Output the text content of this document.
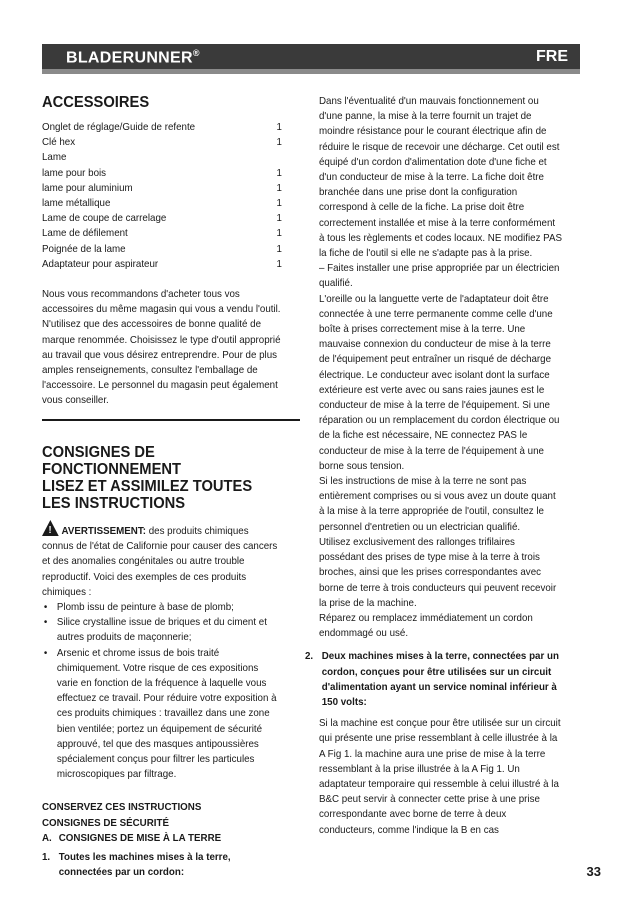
BLADERUNNER®	FRE
ACCESSOIRES
Onglet de réglage/Guide de refente	1
Clé hex	1
Lame
lame pour bois	1
lame pour aluminium	1
lame métallique	1
Lame de coupe de carrelage	1
Lame de défilement	1
Poignée de la lame	1
Adaptateur pour aspirateur	1

Nous vous recommandons d'acheter tous vos accessoires du même magasin qui vous a vendu l'outil. N'utilisez que des accessoires de bonne qualité de marque renommée. Choisissez le type d'outil approprié au travail que vous désirez entreprendre. Pour de plus amples renseignements, consultez l'emballage de l'accessoire. Le personnel du magasin peut également vous conseiller.

CONSIGNES DE
FONCTIONNEMENT
LISEZ ET ASSIMILEZ TOUTES
LES INSTRUCTIONS

!AVERTISSEMENT: des produits chimiques connus de l'état de Californie pour causer des cancers et des anomalies congénitales ou autre trouble reproductif. Voici des exemples de ces produits chimiques :

• Plomb issu de peinture à base de plomb;
• Silice crystalline issue de briques et du ciment et autres produits de maçonnerie;
• Arsenic et chrome issus de bois traité chimiquement. Votre risque de ces expositions varie en fonction de la fréquence à laquelle vous effectuez ce travail. Pour réduire votre exposition à ces produits chimiques : travaillez dans une zone bien ventilée; portez un équipement de sécurité approuvé, tel que des masques antipoussières spécialement conçus pour filtrer les particules microscopiques par filtrage.

CONSERVEZ CES INSTRUCTIONS

CONSIGNES DE SÉCURITÉ

A. CONSIGNES DE MISE À LA TERRE
1. Toutes les machines mises à la terre, connectées par un cordon:

Dans l'éventualité d'un mauvais fonctionnement ou d'une panne, la mise à la terre fournit un trajet de moindre résistance pour le courant électrique afin de réduire le risque de recevoir une décharge. Cet outil est équipé d'un cordon d'alimentation dote d'une fiche et d'un conducteur de mise à la terre. La fiche doit être branchée dans une prise dont la configuration correspond à celle de la fiche. La prise doit être correctement installée et mise à la terre conformément à tous les règlements et codes locaux. NE modifiez PAS la fiche de l'outil si elle ne s'adapte pas à la prise.

– Faites installer une prise appropriée par un électricien qualifié.

L'oreille ou la languette verte de l'adaptateur doit être connectée à une terre permanente comme celle d'une boîte à prises correctement mise à la terre. Une mauvaise connexion du conducteur de mise à la terre de l'équipement peut entraîner un risqué de décharge électrique. Le conducteur avec isolant dont la surface extérieure est verte avec ou sans raies jaunes est le conducteur de mise à la terre de l'équipement. Si une réparation ou un remplacement du cordon électrique ou de la fiche est nécessaire, NE connectez PAS le conducteur de mise à la terre de l'équipement à une borne sous tension.

Si les instructions de mise à la terre ne sont pas entièrement comprises ou si vous avez un doute quant à la mise à la terre appropriée de l'outil, consultez le personnel d'entretien ou un electrician qualifié.

Utilisez exclusivement des rallonges trifilaires possédant des prises de type mise à la terre à trois broches, ainsi que les prises correspondantes avec borne de terre à trois conducteurs qui peuvent recevoir la prise de la machine.

Réparez ou remplacez immédiatement un cordon endommagé ou usé.

2. Deux machines mises à la terre, connectées par un cordon, conçues pour être utilisées sur un circuit d'alimentation ayant un service nominal inférieur à 150 volts:

Si la machine est conçue pour être utilisée sur un circuit qui présente une prise ressemblant à celle illustrée à la A Fig 1. la machine aura une prise de mise à la terre ressemblant à la prise illustrée à la A Fig 1. Un adaptateur temporaire qui ressemble à celui illustré à la B&C peut servir à connecter cette prise à une prise correspondante avec borne de terre à deux conducteurs, comme l'indique la B en cas

33
